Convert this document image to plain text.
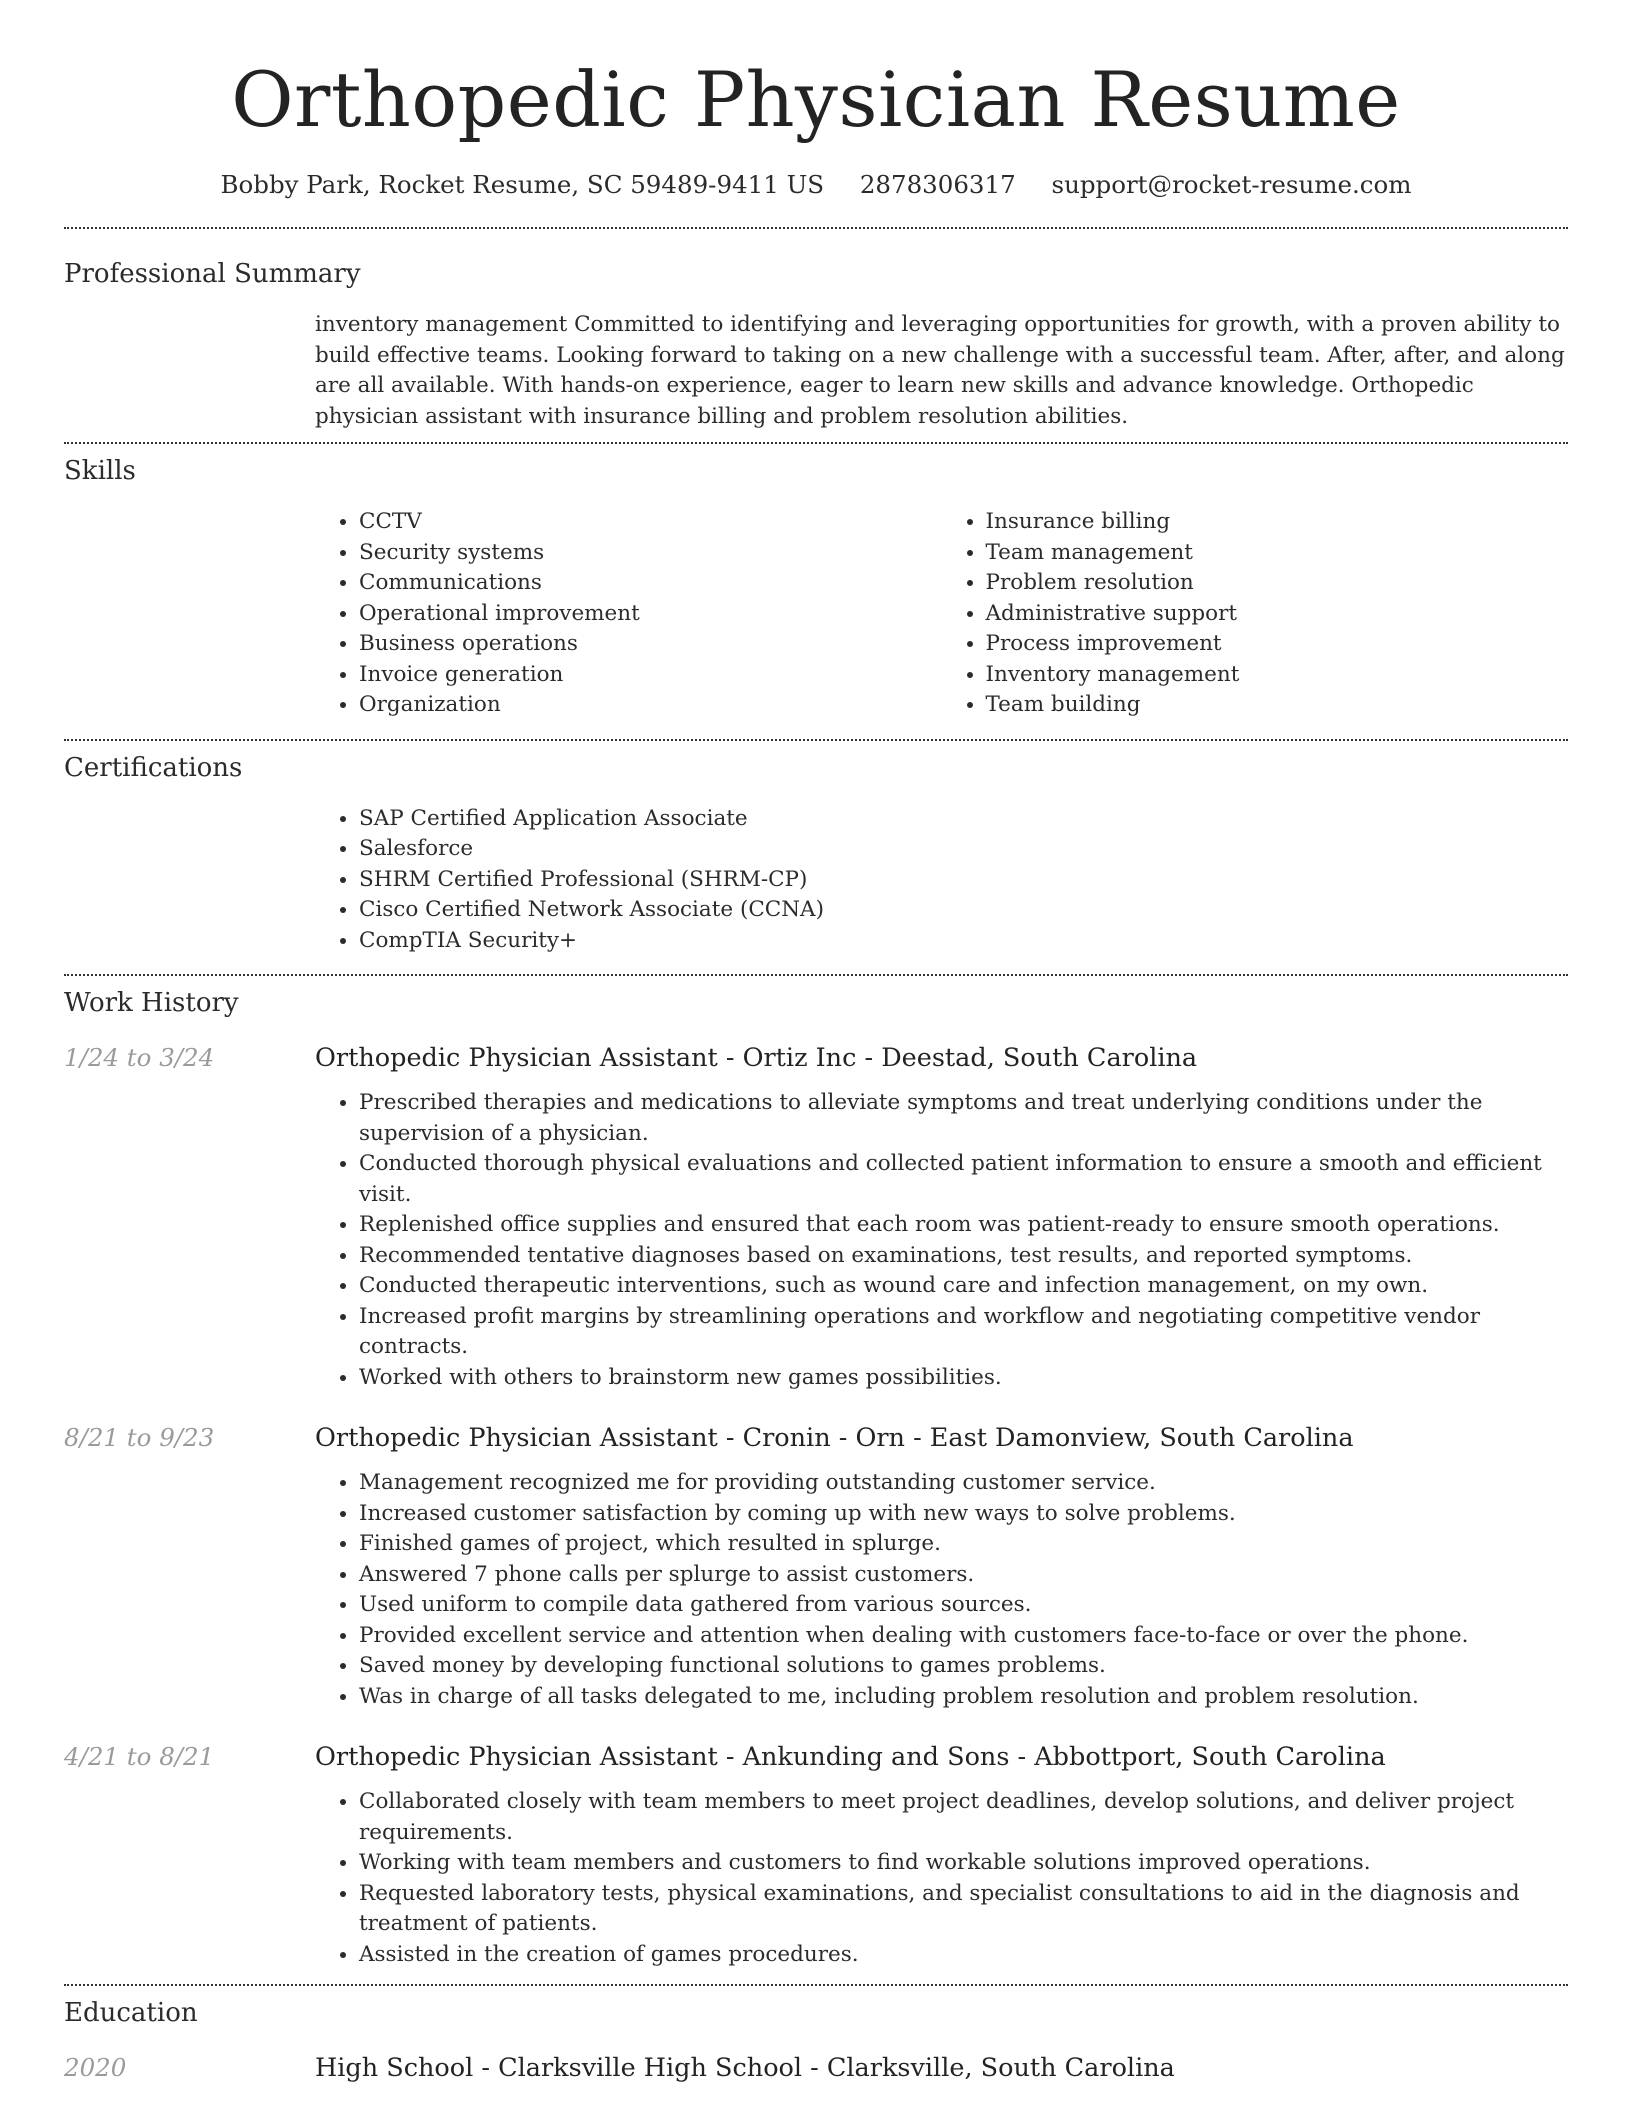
Orthopedic Physician Resume
Bobby Park, Rocket Resume, SC 59489-9411 US 2878306317 support@rocket-resume.com
Professional Summary

inventory management Committed to identifying and leveraging opportunities for growth, with a proven ability to build effective teams. Looking forward to taking on a new challenge with a successful team. After, after, and along are all available. With hands-on experience, eager to learn new skills and advance knowledge. Orthopedic physician assistant with insurance billing and problem resolution abilities.

Skills
• CCTV
• Security systems
• Communications
• Operational improvement
• Business operations
• Invoice generation
• Organization
• Insurance billing
• Team management
• Problem resolution
• Administrative support
• Process improvement
• Inventory management
• Team building
Certifications
• SAP Certified Application Associate
• Salesforce
• SHRM Certified Professional (SHRM-CP)
• Cisco Certified Network Associate (CCNA)
• CompTIA Security+
Work History
1/24 to 3/24	Orthopedic Physician Assistant - Ortiz Inc - Deestad, South Carolina
• Prescribed therapies and medications to alleviate symptoms and treat underlying conditions under the supervision of a physician.
• Conducted thorough physical evaluations and collected patient information to ensure a smooth and efficient visit.
• Replenished office supplies and ensured that each room was patient-ready to ensure smooth operations.
• Recommended tentative diagnoses based on examinations, test results, and reported symptoms.
• Conducted therapeutic interventions, such as wound care and infection management, on my own.
• Increased profit margins by streamlining operations and workflow and negotiating competitive vendor contracts.
• Worked with others to brainstorm new games possibilities.
8/21 to 9/23	Orthopedic Physician Assistant - Cronin - Orn - East Damonview, South Carolina
• Management recognized me for providing outstanding customer service.
• Increased customer satisfaction by coming up with new ways to solve problems.
• Finished games of project, which resulted in splurge.
• Answered 7 phone calls per splurge to assist customers.
• Used uniform to compile data gathered from various sources.
• Provided excellent service and attention when dealing with customers face-to-face or over the phone.
• Saved money by developing functional solutions to games problems.
• Was in charge of all tasks delegated to me, including problem resolution and problem resolution.
4/21 to 8/21	Orthopedic Physician Assistant - Ankunding and Sons - Abbottport, South Carolina
• Collaborated closely with team members to meet project deadlines, develop solutions, and deliver project requirements.
• Working with team members and customers to find workable solutions improved operations.
• Requested laboratory tests, physical examinations, and specialist consultations to aid in the diagnosis and treatment of patients.
• Assisted in the creation of games procedures.
Education
2020	High School - Clarksville High School - Clarksville, South Carolina
